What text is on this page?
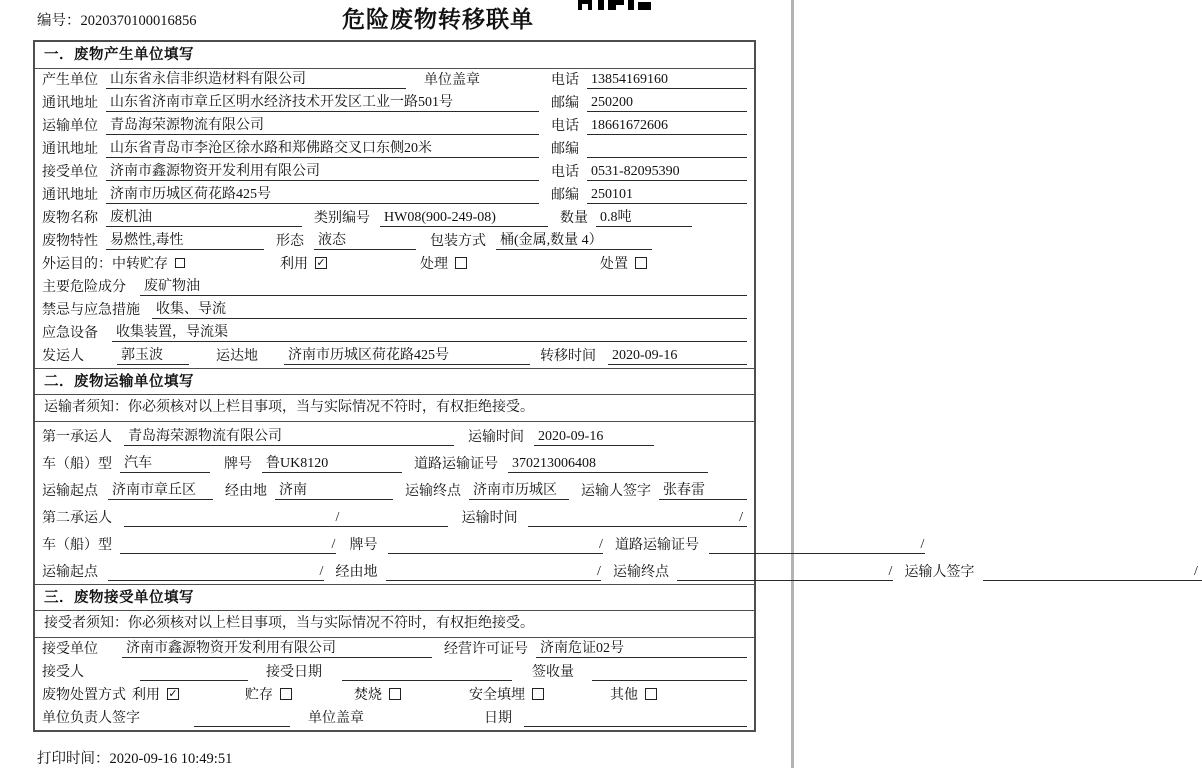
编号：2020370100016856	危险废物转移联单
一．废物产生单位填写
产生单位 山东省永信非织造材料有限公司	单位盖章	电话 13854169160
通讯地址 山东省济南市章丘区明水经济技术开发区工业一路501号	邮编 250200
运输单位 青岛海荣源物流有限公司	电话 18661672606
通讯地址 山东省青岛市李沧区徐水路和郑佛路交叉口东侧20米	邮编
接受单位 济南市鑫源物资开发利用有限公司	电话 0531-82095390
通讯地址 济南市历城区荷花路425号	邮编 250101
废物名称 废机油	类别编号 HW08(900-249-08)	数量 0.8吨
废物特性 易燃性,毒性	形态 液态	包装方式 桶(金属,数量 4）
外运目的： 中转贮存	利用 ✓	处理	处置
主要危险成分 废矿物油
禁忌与应急措施 收集、导流
应急设备 收集装置，导流渠
发运人	郭玉波	运达地 济南市历城区荷花路425号	转移时间 2020-09-16
二．废物运输单位填写
运输者须知：你必须核对以上栏目事项，当与实际情况不符时，有权拒绝接受。
第一承运人 青岛海荣源物流有限公司	运输时间 2020-09-16
车（船）型 汽车	牌号 鲁UK8120	道路运输证号 370213006408
运输起点 济南市章丘区	经由地 济南	运输终点 济南市历城区	运输人签字 张春雷
第二承运人	/	运输时间	/
车（船）型	/ 牌号	/ 道路运输证号	/
运输起点	/ 经由地	/ 运输终点	/ 运输人签字	/
三．废物接受单位填写
接受者须知：你必须核对以上栏目事项，当与实际情况不符时，有权拒绝接受。
接受单位 济南市鑫源物资开发利用有限公司	经营许可证号 济南危证02号
接受人	接受日期	签收量
废物处置方式 利用 ✓	贮存	焚烧	安全填埋	其他
单位负责人签字	单位盖章	日期
打印时间：2020-09-16 10:49:51
